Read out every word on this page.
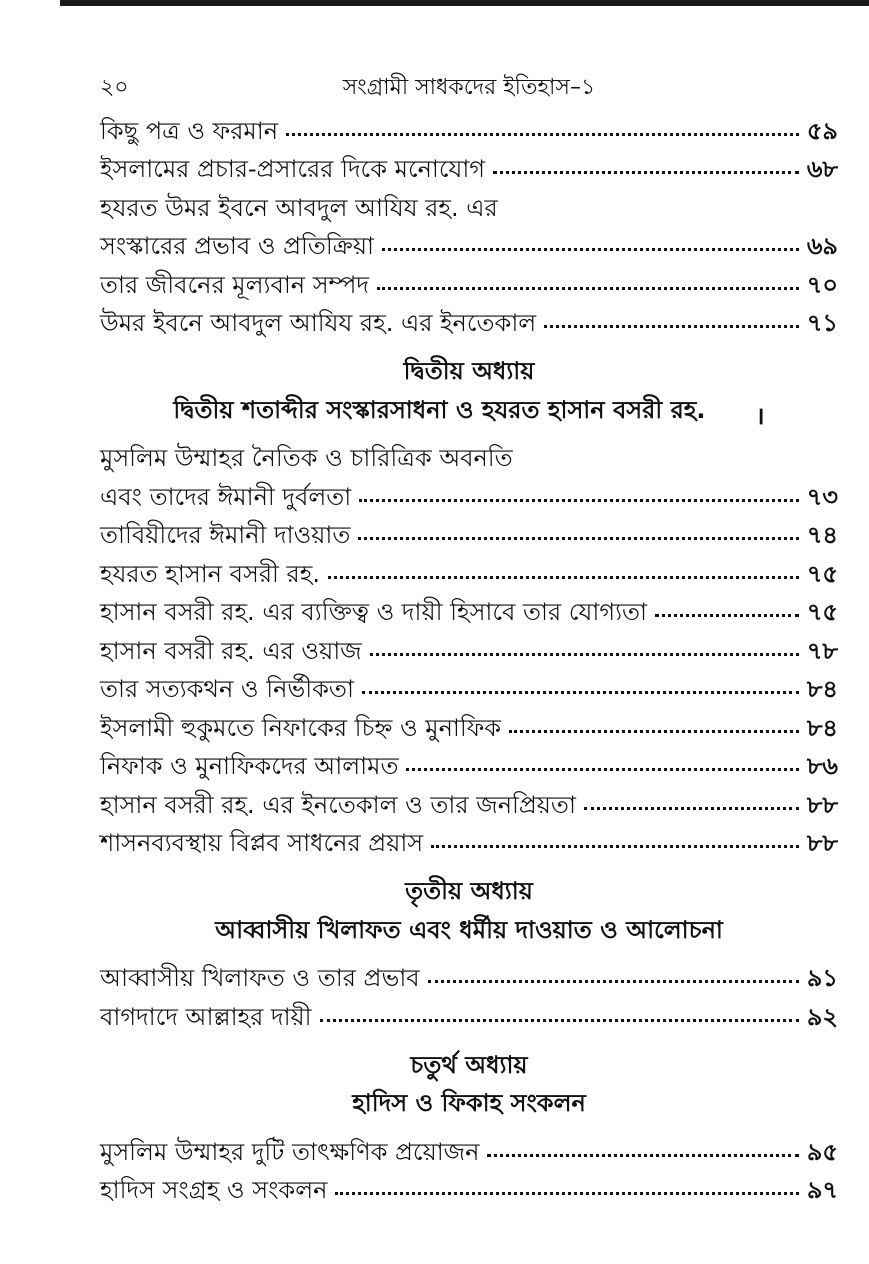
সংগ্রামী সাধকদের ইতিহাস–১
২০
কিছু পত্র ও ফরমান	৫৯
ইসলামের প্রচার-প্রসারের দিকে মনোযোগ	৬৮
হযরত উমর ইবনে আবদুল আযিয রহ. এর
সংস্কারের প্রভাব ও প্রতিক্রিয়া	৬৯
তার জীবনের মূল্যবান সম্পদ	৭০
উমর ইবনে আবদুল আযিয রহ. এর ইনতেকাল	৭১
দ্বিতীয় অধ্যায়
দ্বিতীয় শতাব্দীর সংস্কারসাধনা ও হযরত হাসান বসরী রহ. ।
মুসলিম উম্মাহর নৈতিক ও চারিত্রিক অবনতি
এবং তাদের ঈমানী দুর্বলতা	৭৩
তাবিয়ীদের ঈমানী দাওয়াত	৭৪
হযরত হাসান বসরী রহ.	৭৫
হাসান বসরী রহ. এর ব্যক্তিত্ব ও দায়ী হিসাবে তার যোগ্যতা	৭৫
হাসান বসরী রহ. এর ওয়াজ	৭৮
তার সত্যকথন ও নির্ভীকতা	৮৪
ইসলামী হুকুমতে নিফাকের চিহ্ন ও মুনাফিক	৮৪
নিফাক ও মুনাফিকদের আলামত	৮৬
হাসান বসরী রহ. এর ইনতেকাল ও তার জনপ্রিয়তা	৮৮
শাসনব্যবস্থায় বিপ্লব সাধনের প্রয়াস	৮৮
তৃতীয় অধ্যায়
আব্বাসীয় খিলাফত এবং ধর্মীয় দাওয়াত ও আলোচনা
আব্বাসীয় খিলাফত ও তার প্রভাব	৯১
বাগদাদে আল্লাহর দায়ী	৯২
চতুর্থ অধ্যায়
হাদিস ও ফিকাহ সংকলন
মুসলিম উম্মাহর দুটি তাৎক্ষণিক প্রয়োজন	৯৫
হাদিস সংগ্রহ ও সংকলন	৯৭
